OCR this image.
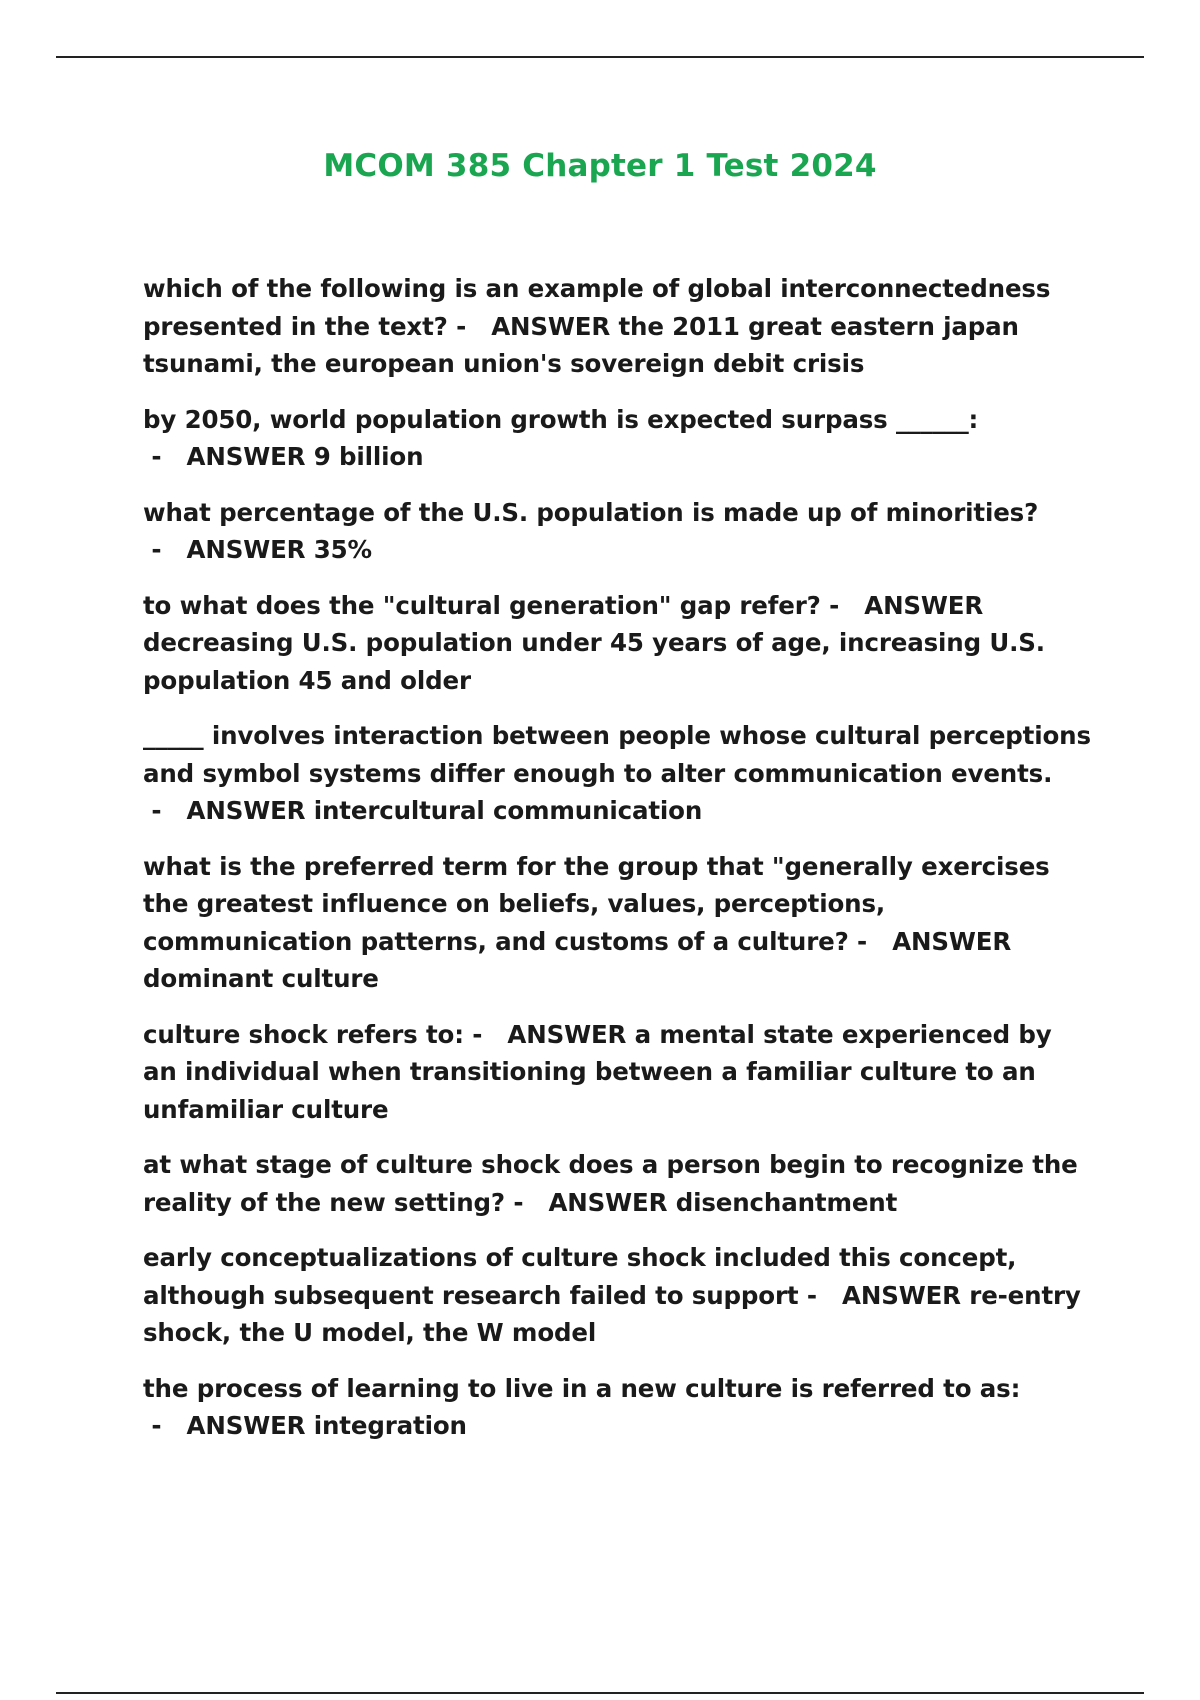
MCOM 385 Chapter 1 Test 2024

which of the following is an example of global interconnectedness presented in the text? -   ANSWER the 2011 great eastern japan tsunami, the european union's sovereign debit crisis

by 2050, world population growth is expected surpass ______: -   ANSWER 9 billion

what percentage of the U.S. population is made up of minorities? -   ANSWER 35%

to what does the "cultural generation" gap refer? -   ANSWER decreasing U.S. population under 45 years of age, increasing U.S. population 45 and older

_____ involves interaction between people whose cultural perceptions and symbol systems differ enough to alter communication events. -   ANSWER intercultural communication

what is the preferred term for the group that "generally exercises the greatest influence on beliefs, values, perceptions, communication patterns, and customs of a culture? -   ANSWER dominant culture

culture shock refers to: -   ANSWER a mental state experienced by an individual when transitioning between a familiar culture to an unfamiliar culture

at what stage of culture shock does a person begin to recognize the reality of the new setting? -   ANSWER disenchantment

early conceptualizations of culture shock included this concept, although subsequent research failed to support -   ANSWER re-entry shock, the U model, the W model

the process of learning to live in a new culture is referred to as: -   ANSWER integration
